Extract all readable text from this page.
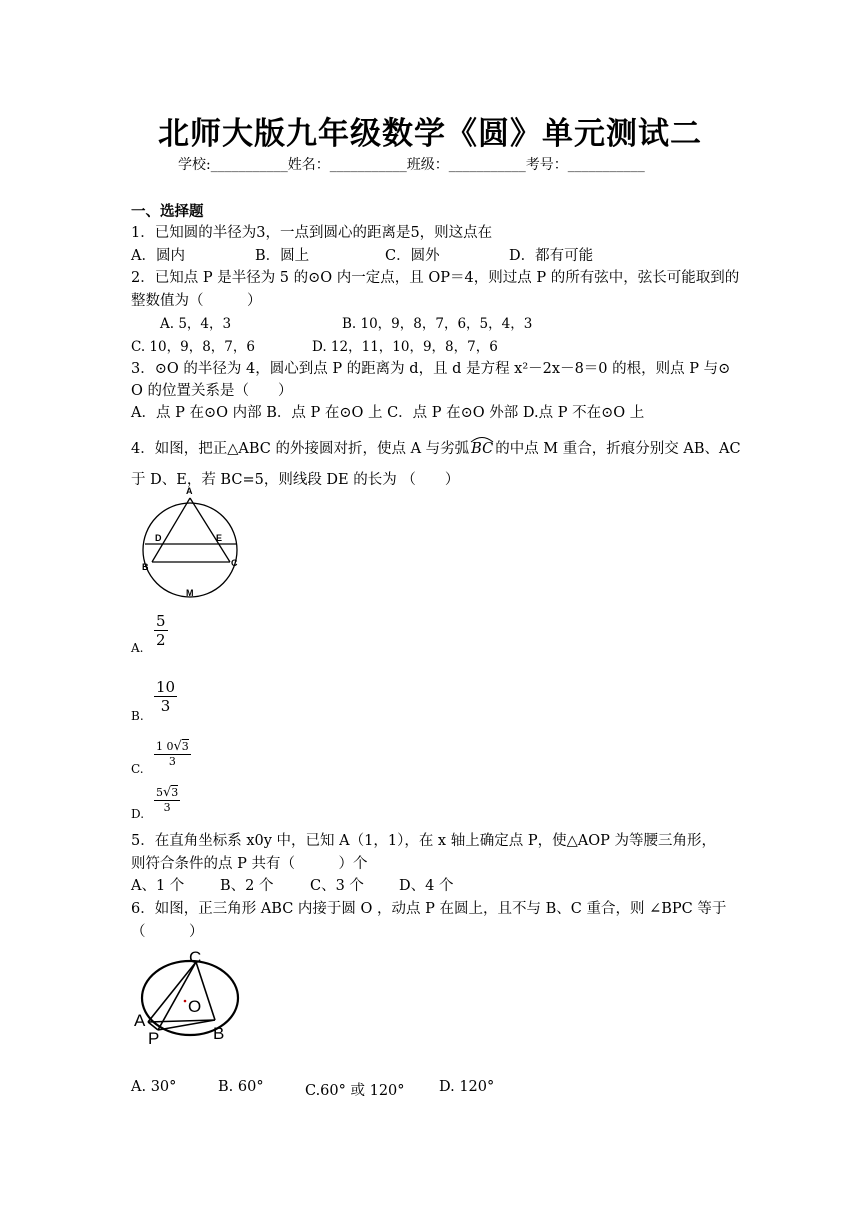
北师大版九年级数学《圆》单元测试二
学校:___________姓名：___________班级：___________考号：___________
一、选择题
1．已知圆的半径为3，一点到圆心的距离是5，则这点在
A．圆内	B．圆上	C．圆外	D．都有可能
2．已知点 P 是半径为 5 的⊙O 内一定点，且 OP＝4，则过点 P 的所有弦中，弦长可能取到的
整数值为（　　　）
A. 5，4，3	B. 10，9，8，7，6，5，4，3
C. 10，9，8，7，6	D. 12，11，10，9，8，7，6
3．⊙O 的半径为 4，圆心到点 P 的距离为 d，且 d 是方程 x²－2x－8＝0 的根，则点 P 与⊙
O 的位置关系是（　　）
A．点 P 在⊙O 内部 B．点 P 在⊙O 上 C．点 P 在⊙O 外部 D.点 P 不在⊙O 上
4．如图，把正△ABC 的外接圆对折，使点 A 与劣弧 BC 的中点 M 重合，折痕分别交 AB、AC
于 D、E，若 BC=5，则线段 DE 的长为 （　　）
A
D	E
B	C
M
A.
5
2
B.
10
3
C.
1 0√3
3
D.
5√3
3
5．在直角坐标系 x0y 中，已知 A（1，1），在 x 轴上确定点 P，使△AOP 为等腰三角形，
则符合条件的点 P 共有（　　　）个
A、1 个 B、2 个	C、3 个 D、4 个
6．如图，正三角形 ABC 内接于圆 O ，动点 P 在圆上，且不与 B、C 重合，则 ∠BPC 等于
（　　　）
C
O
A
P	B
A. 30°	B. 60°	C.60° 或 120° D. 120°
